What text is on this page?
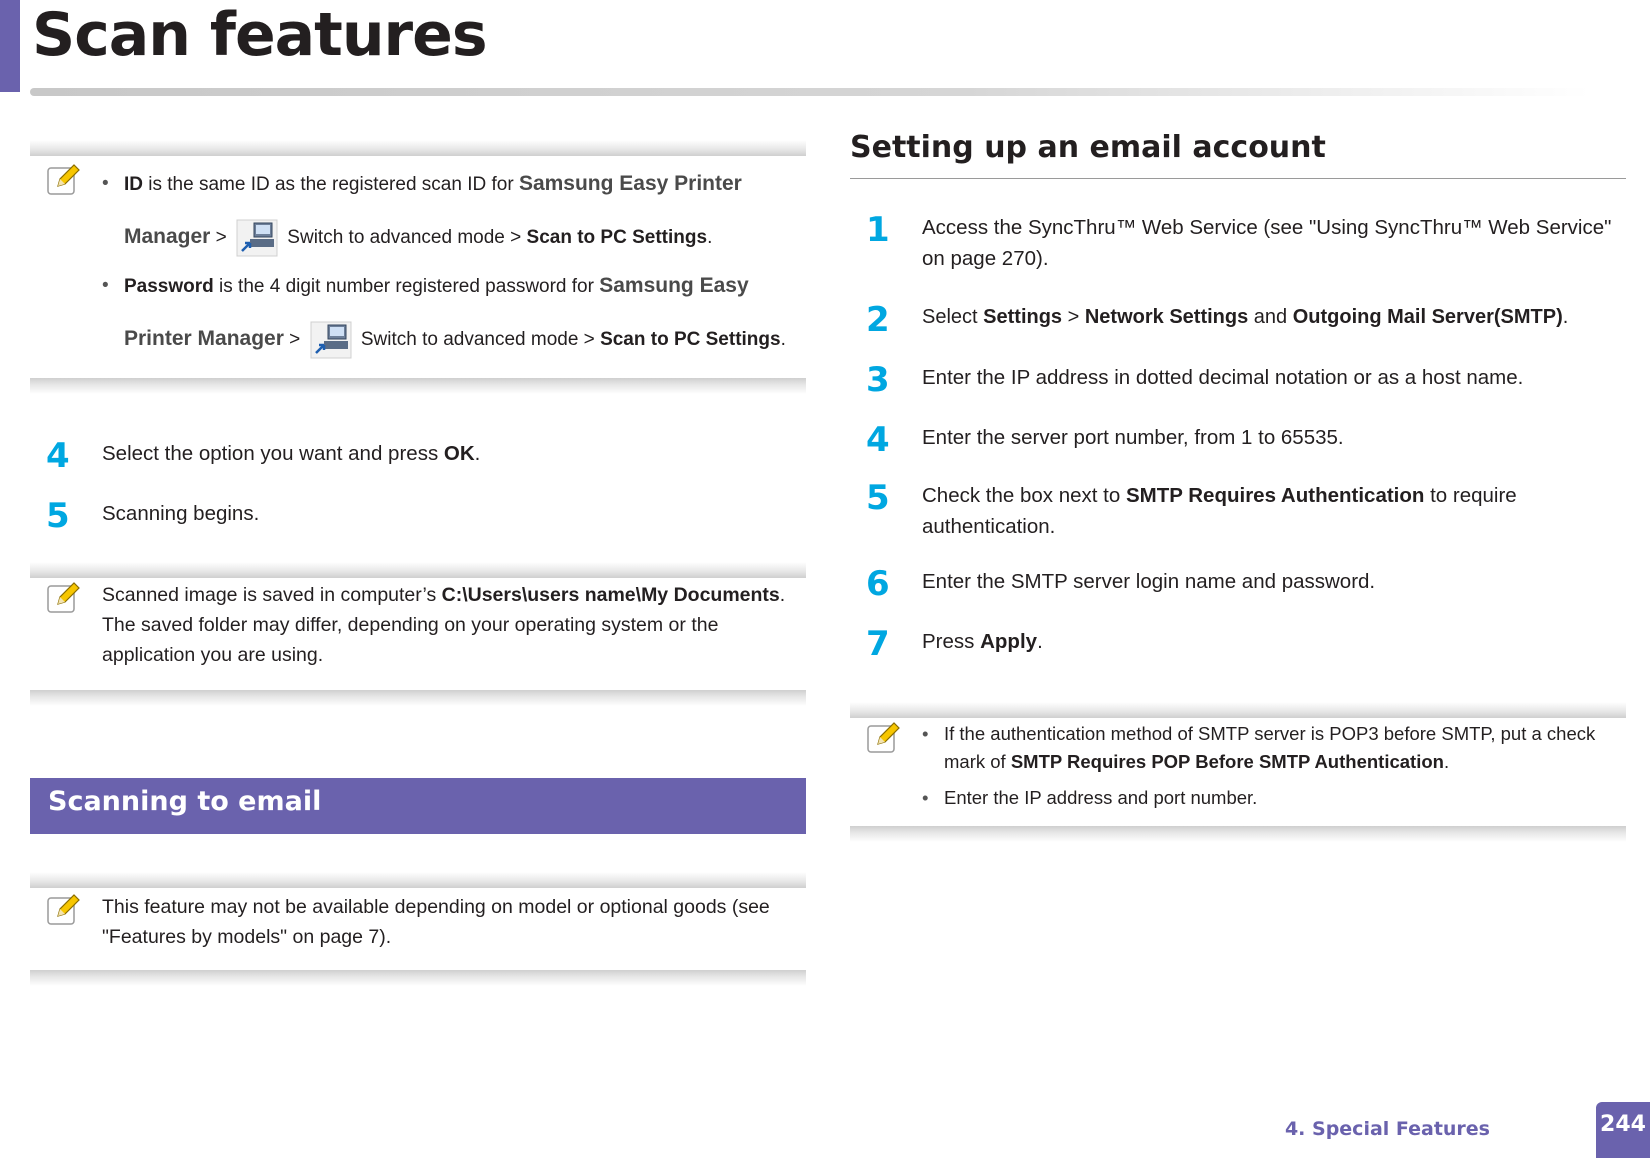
Scan features
• ID is the same ID as the registered scan ID for Samsung Easy Printer Manager >	Switch to advanced mode > Scan to PC Settings.
• Password is the 4 digit number registered password for Samsung Easy Printer Manager >	Switch to advanced mode > Scan to PC Settings.
4	Select the option you want and press OK.
5	Scanning begins.
Scanned image is saved in computer’s C:\Users\users name\My Documents. The saved folder may differ, depending on your operating system or the application you are using.
Scanning to email
This feature may not be available depending on model or optional goods (see "Features by models" on page 7).
Setting up an email account
1	Access the SyncThru™ Web Service (see "Using SyncThru™ Web Service" on page 270).
2	Select Settings > Network Settings and Outgoing Mail Server(SMTP).
3	Enter the IP address in dotted decimal notation or as a host name.
4	Enter the server port number, from 1 to 65535.
5	Check the box next to SMTP Requires Authentication to require authentication.
6	Enter the SMTP server login name and password.
7	Press Apply.
• If the authentication method of SMTP server is POP3 before SMTP, put a check mark of SMTP Requires POP Before SMTP Authentication.
• Enter the IP address and port number.
4. Special Features	244
